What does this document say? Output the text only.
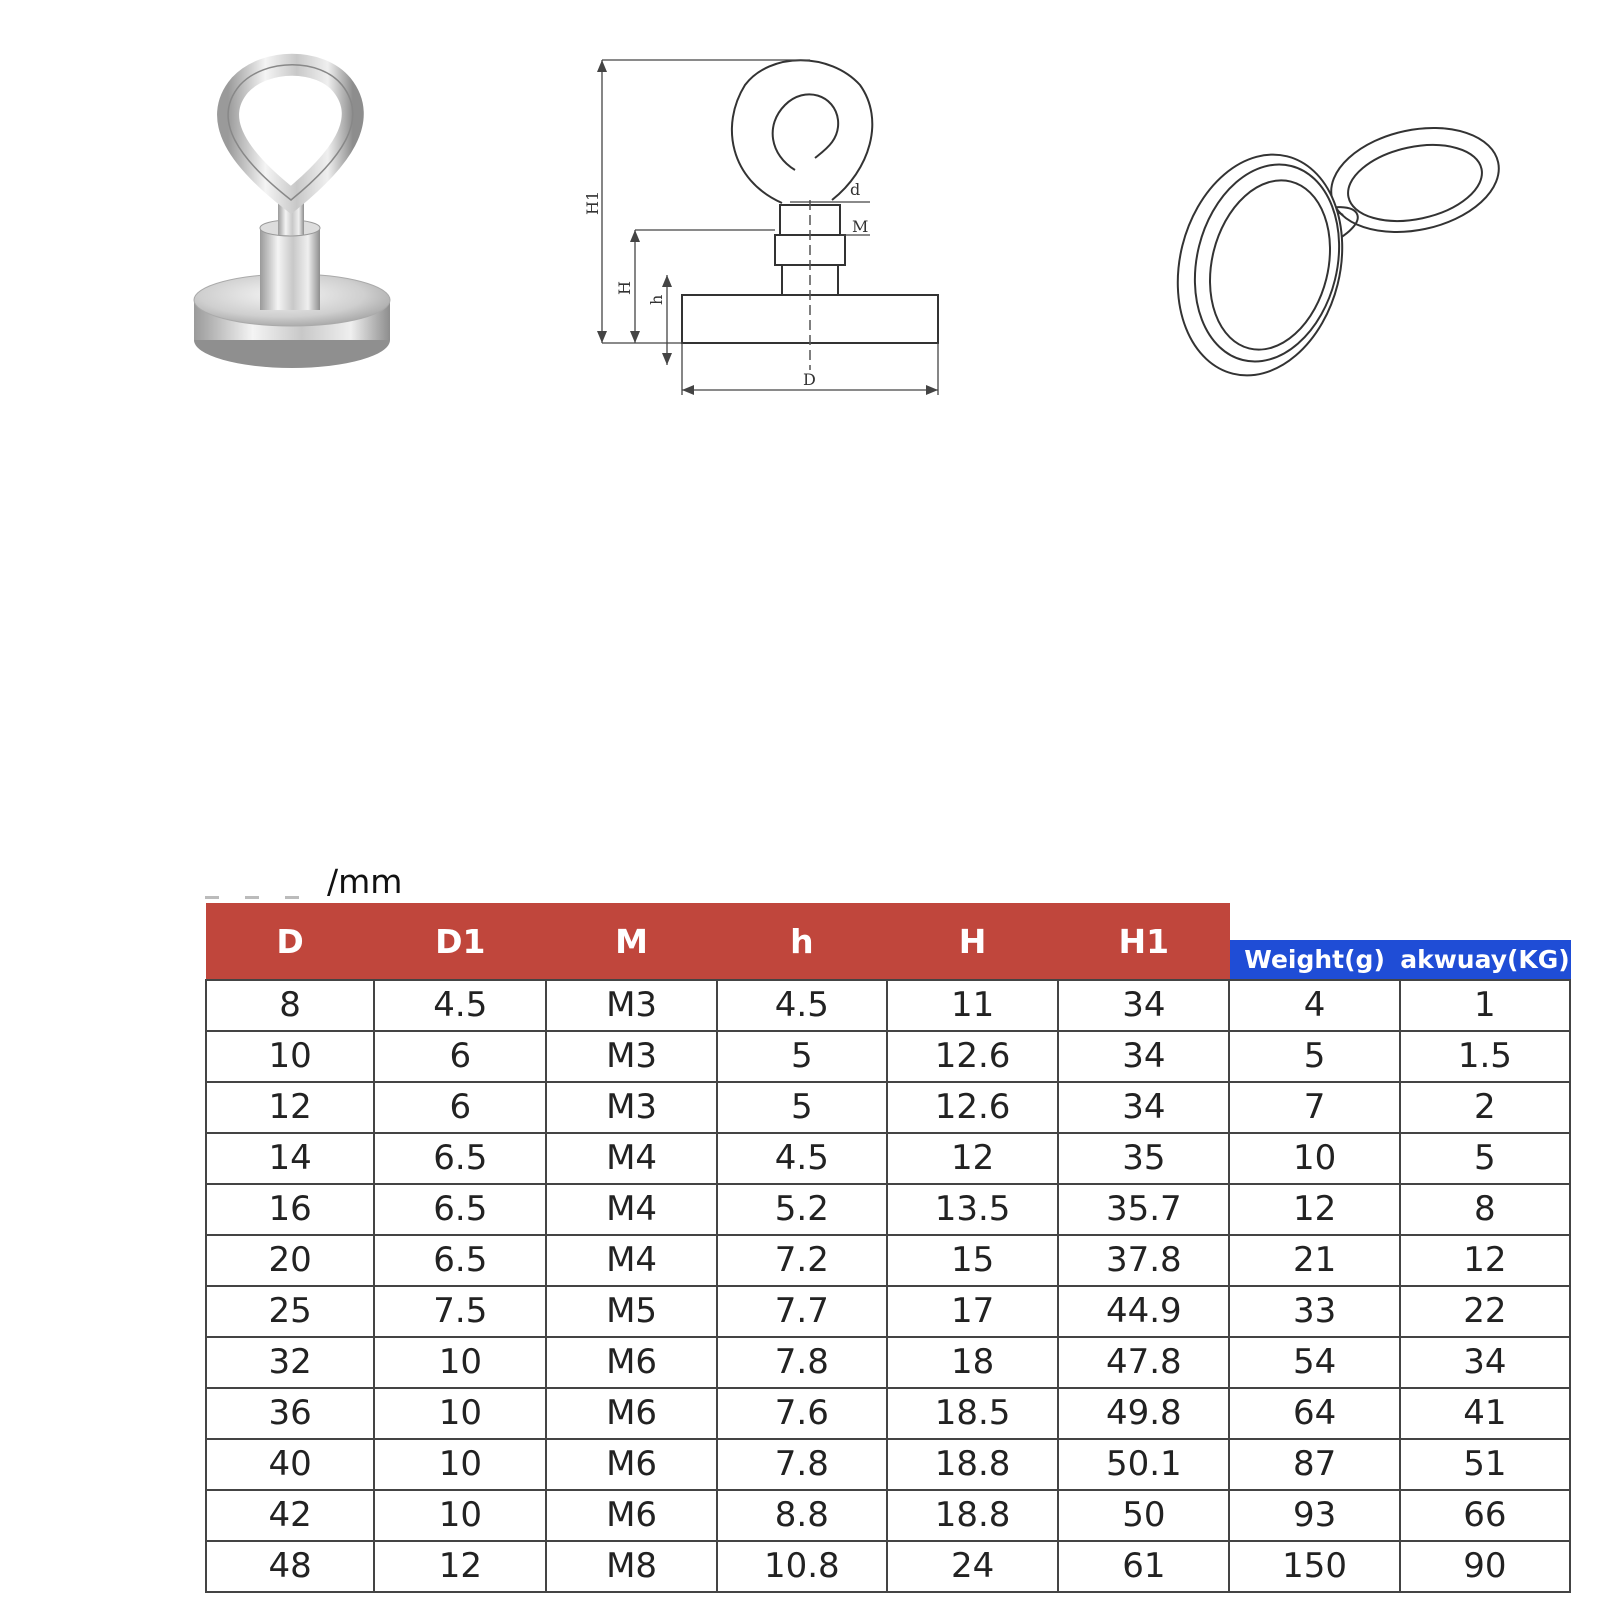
H1
H
h
d
M
D
/mm
D	D1	M	h	H	H1		
						Weight(g)	akwuay(KG)
8	4.5	M3	4.5	11	34	4	1
10	6	M3	5	12.6	34	5	1.5
12	6	M3	5	12.6	34	7	2
14	6.5	M4	4.5	12	35	10	5
16	6.5	M4	5.2	13.5	35.7	12	8
20	6.5	M4	7.2	15	37.8	21	12
25	7.5	M5	7.7	17	44.9	33	22
32	10	M6	7.8	18	47.8	54	34
36	10	M6	7.6	18.5	49.8	64	41
40	10	M6	7.8	18.8	50.1	87	51
42	10	M6	8.8	18.8	50	93	66
48	12	M8	10.8	24	61	150	90
